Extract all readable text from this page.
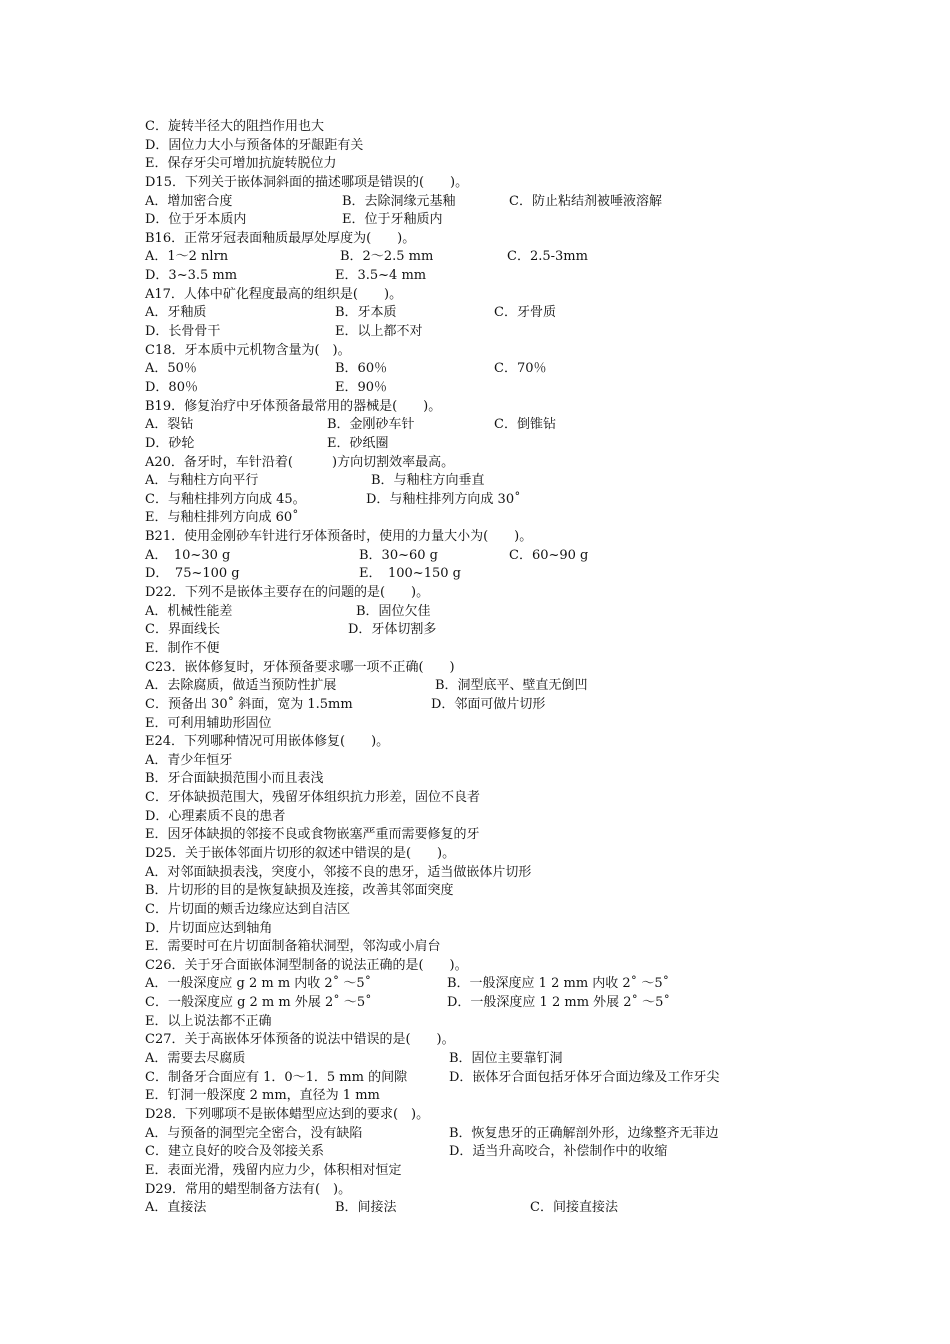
C．旋转半径大的阻挡作用也大
D．固位力大小与预备体的牙龈距有关
E．保存牙尖可增加抗旋转脱位力
D15．下列关于嵌体洞斜面的描述哪项是错误的(　　)。
A．增加密合度	B．去除洞缘元基釉	C．防止粘结剂被唾液溶解
D．位于牙本质内	E．位于牙釉质内
B16．正常牙冠表面釉质最厚处厚度为(　　)。
A．1～2 nlrn	B．2～2.5 mm	C．2.5-3mm
D．3~3.5 mm	E．3.5~4 mm
A17．人体中矿化程度最高的组织是(　　)。
A．牙釉质	B．牙本质	C．牙骨质
D．长骨骨干	E．以上都不对
C18．牙本质中元机物含量为(　)。
A．50％	B．60％	C．70％
D．80％	E．90％
B19．修复治疗中牙体预备最常用的器械是(　　)。
A．裂钻	B．金刚砂车针	C．倒锥钻
D．砂轮	E．砂纸圈
A20．备牙时，车针沿着(　　　)方向切割效率最高。
A．与釉柱方向平行	B．与釉柱方向垂直
C．与釉柱排列方向成 45。	D．与釉柱排列方向成 30˚
E．与釉柱排列方向成 60˚
B21．使用金刚砂车针进行牙体预备时，使用的力量大小为(　　)。
A．　10~30 g	B．30~60 g	C．60~90 g
D．　75~100 g	E．　100~150 g
D22．下列不是嵌体主要存在的问题的是(　　)。
A．机械性能差	B．固位欠佳
C．界面线长	D．牙体切割多
E．制作不便
C23．嵌体修复时，牙体预备要求哪一项不正确(　　)
A．去除腐质，做适当预防性扩展	B．洞型底平、壁直无倒凹
C．预备出 30˚ 斜面，宽为 1.5mm	D．邻面可做片切形
E．可利用辅助形固位
E24．下列哪种情况可用嵌体修复(　　)。
A．青少年恒牙
B．牙合面缺损范围小而且表浅
C．牙体缺损范围大，残留牙体组织抗力形差，固位不良者
D．心理素质不良的患者
E．因牙体缺损的邻接不良或食物嵌塞严重而需要修复的牙
D25．关于嵌体邻面片切形的叙述中错误的是(　　)。
A．对邻面缺损表浅，突度小，邻接不良的患牙，适当做嵌体片切形
B．片切形的目的是恢复缺损及连接，改善其邻面突度
C．片切面的颊舌边缘应达到自洁区
D．片切面应达到轴角
E．需要时可在片切面制备箱状洞型，邻沟或小肩台
C26．关于牙合面嵌体洞型制备的说法正确的是(　　)。
A．一般深度应 g 2 m m 内收 2˚ ～5˚	B．一般深度应 1 2 mm 内收 2˚ ～5˚
C．一般深度应 g 2 m m 外展 2˚ ～5˚	D．一般深度应 1 2 mm 外展 2˚ ～5˚
E．以上说法都不正确
C27．关于高嵌体牙体预备的说法中错误的是(　　)。
A．需要去尽腐质	B．固位主要靠钉洞
C．制备牙合面应有 1．0～1．5 mm 的间隙	D．嵌体牙合面包括牙体牙合面边缘及工作牙尖
E．钉洞一般深度 2 mm，直径为 1 mm
D28．下列哪项不是嵌体蜡型应达到的要求(　)。
A．与预备的洞型完全密合，没有缺陷	B．恢复患牙的正确解剖外形，边缘整齐无菲边
C．建立良好的咬合及邻接关系	D．适当升高咬合，补偿制作中的收缩
E．表面光滑，残留内应力少，体积相对恒定
D29．常用的蜡型制备方法有(　)。
A．直接法	B．间接法	C．间接直接法
